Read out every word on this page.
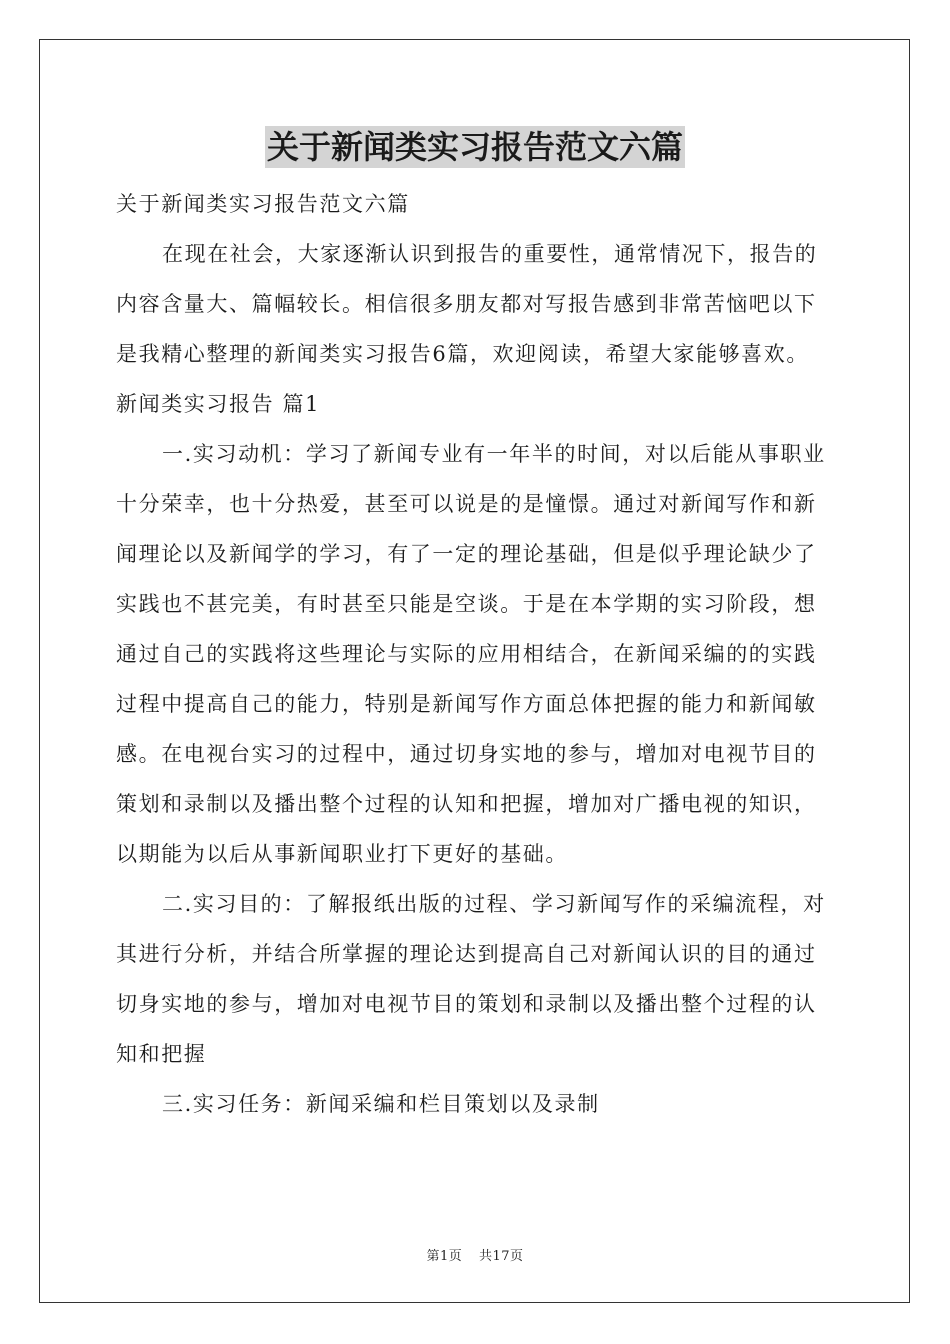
关于新闻类实习报告范文六篇

关于新闻类实习报告范文六篇

在现在社会，大家逐渐认识到报告的重要性，通常情况下，报告的内容含量大、篇幅较长。相信很多朋友都对写报告感到非常苦恼吧以下是我精心整理的新闻类实习报告6篇，欢迎阅读，希望大家能够喜欢。

新闻类实习报告 篇1

一.实习动机：学习了新闻专业有一年半的时间，对以后能从事职业十分荣幸，也十分热爱，甚至可以说是的是憧憬。通过对新闻写作和新闻理论以及新闻学的学习，有了一定的理论基础，但是似乎理论缺少了实践也不甚完美，有时甚至只能是空谈。于是在本学期的实习阶段，想通过自己的实践将这些理论与实际的应用相结合，在新闻采编的的实践过程中提高自己的能力，特别是新闻写作方面总体把握的能力和新闻敏感。在电视台实习的过程中，通过切身实地的参与，增加对电视节目的策划和录制以及播出整个过程的认知和把握，增加对广播电视的知识，以期能为以后从事新闻职业打下更好的基础。

二.实习目的：了解报纸出版的过程、学习新闻写作的采编流程，对其进行分析，并结合所掌握的理论达到提高自己对新闻认识的目的通过切身实地的参与，增加对电视节目的策划和录制以及播出整个过程的认知和把握

三.实习任务：新闻采编和栏目策划以及录制

第1页 共17页
